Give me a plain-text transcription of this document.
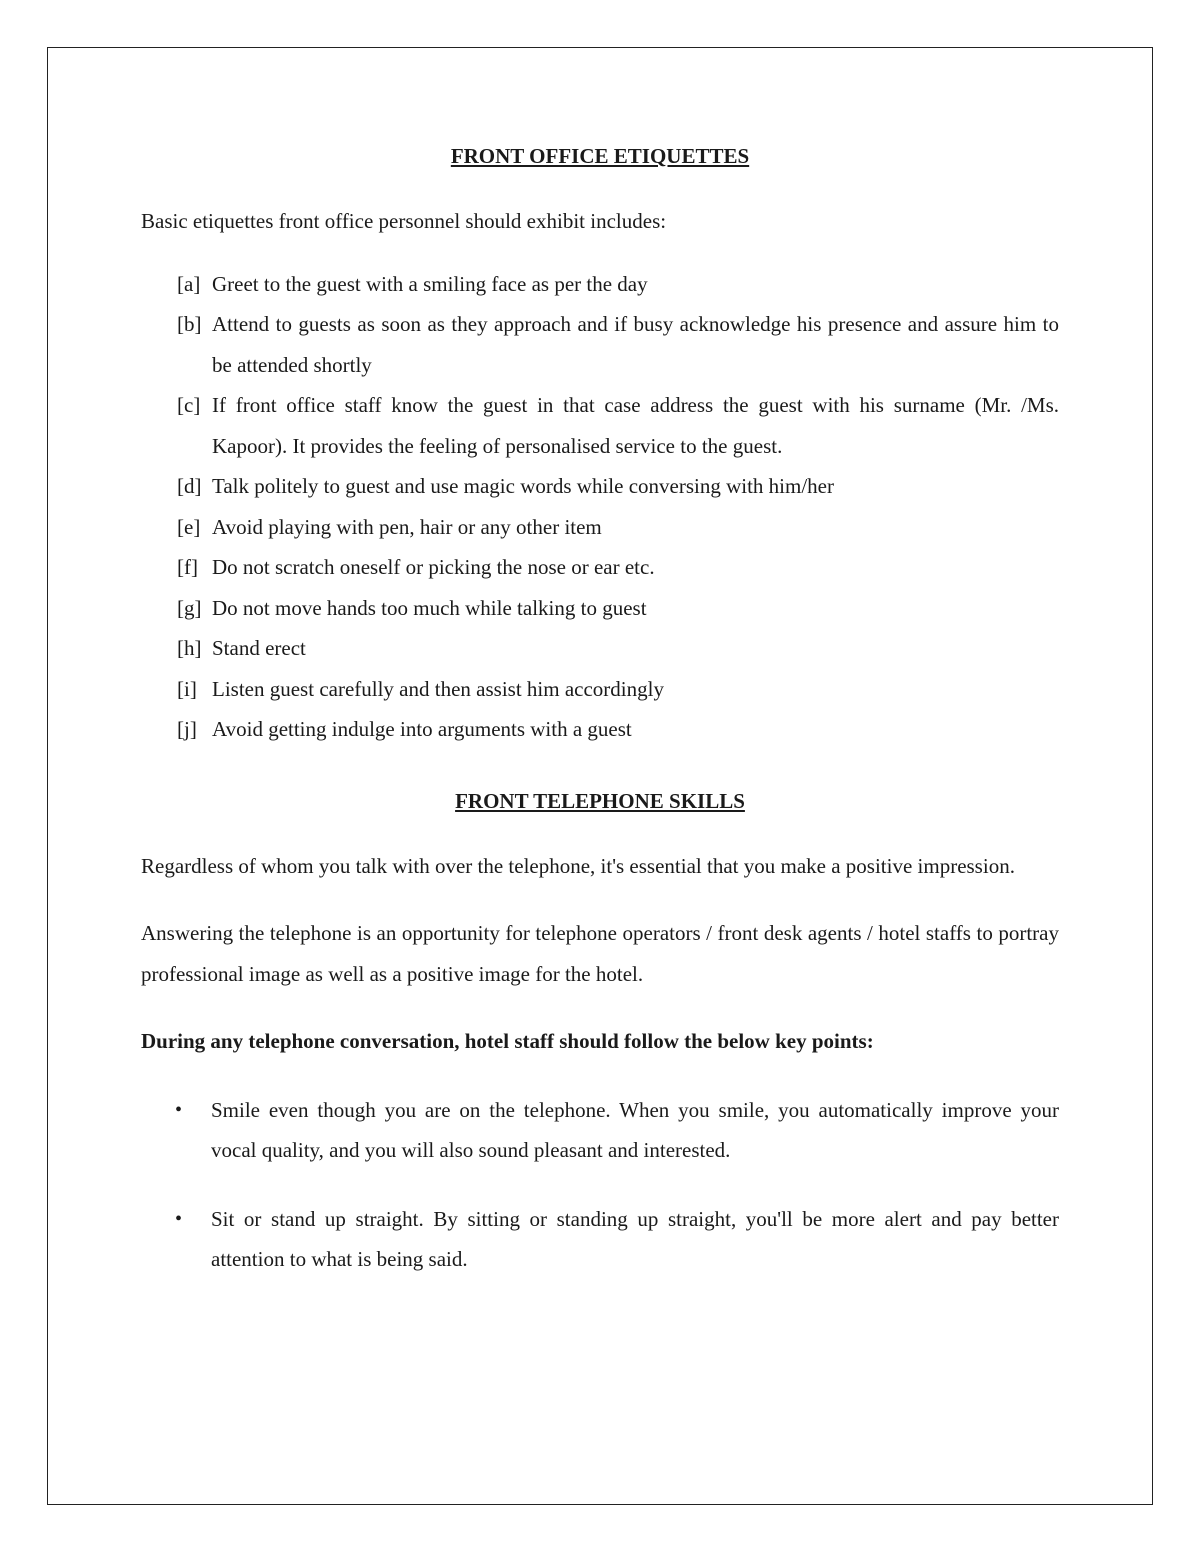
FRONT OFFICE ETIQUETTES

Basic etiquettes front office personnel should exhibit includes:

[a] Greet to the guest with a smiling face as per the day
[b] Attend to guests as soon as they approach and if busy acknowledge his presence and assure him to be attended shortly
[c] If front office staff know the guest in that case address the guest with his surname (Mr. /Ms. Kapoor). It provides the feeling of personalised service to the guest.
[d] Talk politely to guest and use magic words while conversing with him/her
[e] Avoid playing with pen, hair or any other item
[f] Do not scratch oneself or picking the nose or ear etc.
[g] Do not move hands too much while talking to guest
[h] Stand erect
[i] Listen guest carefully and then assist him accordingly
[j] Avoid getting indulge into arguments with a guest
FRONT TELEPHONE SKILLS

Regardless of whom you talk with over the telephone, it's essential that you make a positive impression.

Answering the telephone is an opportunity for telephone operators / front desk agents / hotel staffs to portray professional image as well as a positive image for the hotel.

During any telephone conversation, hotel staff should follow the below key points:

•	Smile even though you are on the telephone. When you smile, you automatically improve your vocal quality, and you will also sound pleasant and interested.
•	Sit or stand up straight. By sitting or standing up straight, you'll be more alert and pay better attention to what is being said.
